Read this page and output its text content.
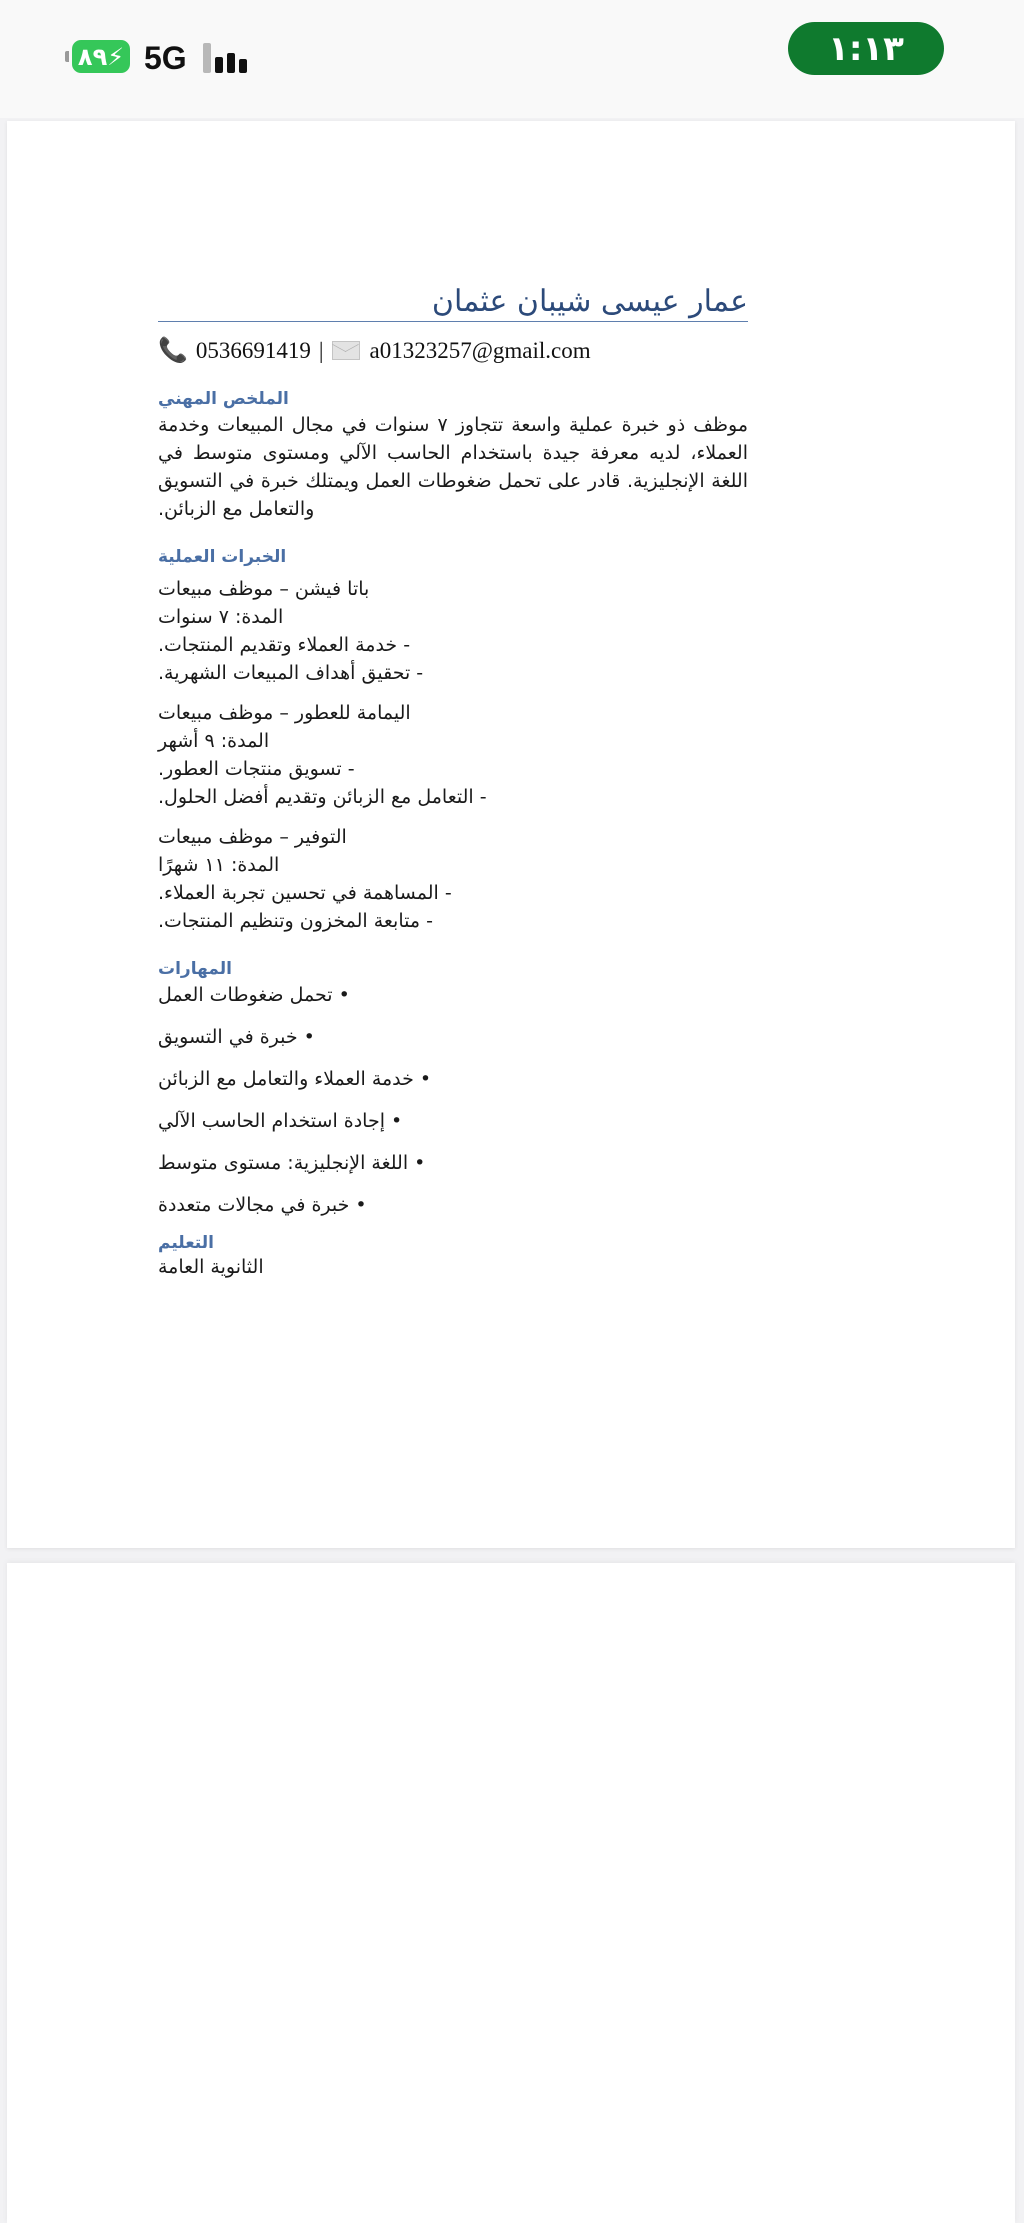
٨٩ ⚡ 5G	١:١٣
عمار عيسى شيبان عثمان
📞 0536691419 | a01323257@gmail.com
الملخص المهني

موظف ذو خبرة عملية واسعة تتجاوز ٧ سنوات في مجال المبيعات وخدمة العملاء، لديه معرفة جيدة باستخدام الحاسب الآلي ومستوى متوسط في اللغة الإنجليزية. قادر على تحمل ضغوطات العمل ويمتلك خبرة في التسويق والتعامل مع الزبائن.

الخبرات العملية

باتا فيشن – موظف مبيعات

المدة: ٧ سنوات

- خدمة العملاء وتقديم المنتجات.

- تحقيق أهداف المبيعات الشهرية.

اليمامة للعطور – موظف مبيعات

المدة: ٩ أشهر

- تسويق منتجات العطور.

- التعامل مع الزبائن وتقديم أفضل الحلول.

التوفير – موظف مبيعات

المدة: ١١ شهرًا

- المساهمة في تحسين تجربة العملاء.

- متابعة المخزون وتنظيم المنتجات.

المهارات

• تحمل ضغوطات العمل

• خبرة في التسويق

• خدمة العملاء والتعامل مع الزبائن

• إجادة استخدام الحاسب الآلي

• اللغة الإنجليزية: مستوى متوسط

• خبرة في مجالات متعددة

التعليم

الثانوية العامة
